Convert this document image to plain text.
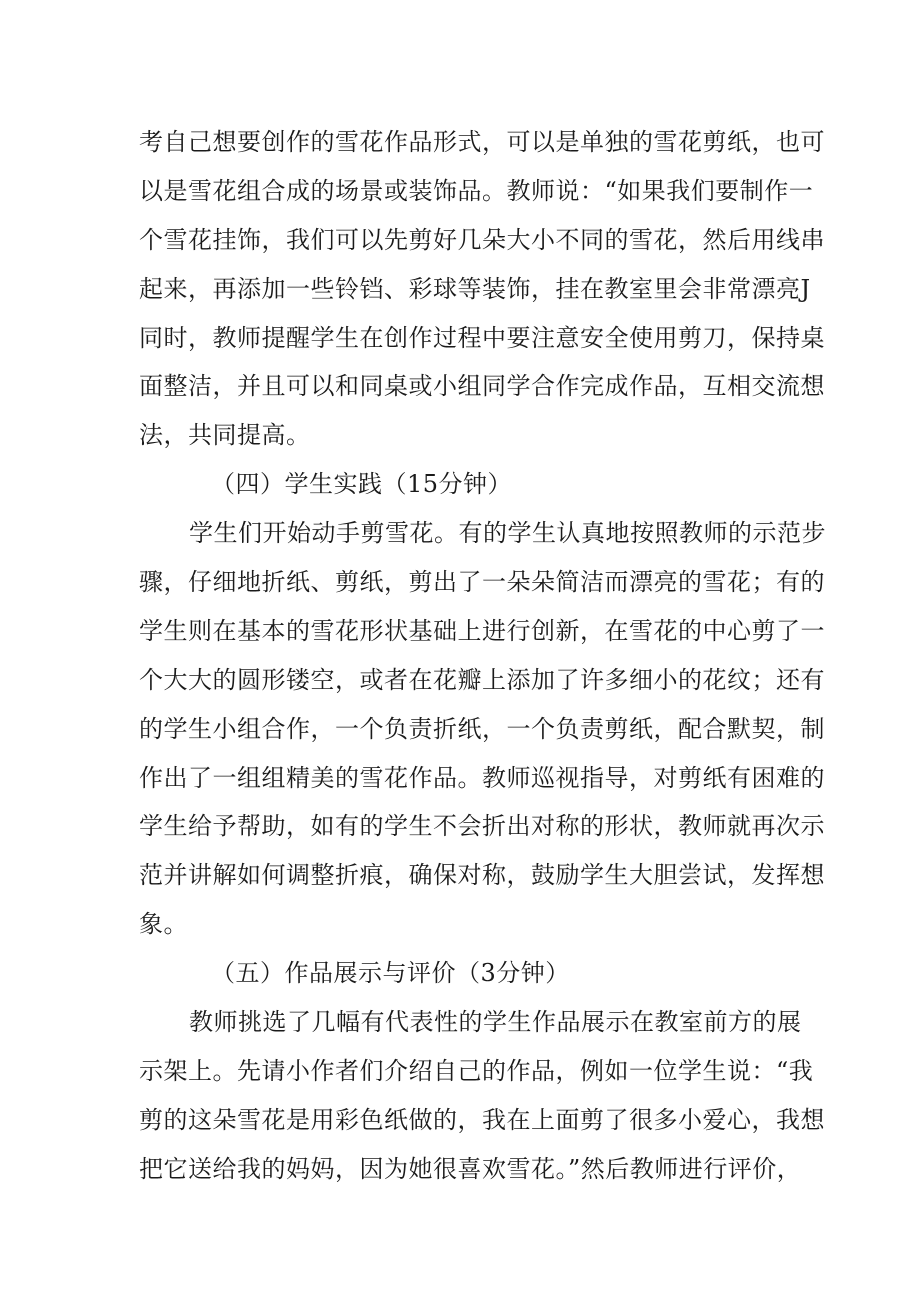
考自己想要创作的雪花作品形式，可以是单独的雪花剪纸，也可
以是雪花组合成的场景或装饰品。教师说：“如果我们要制作一
个雪花挂饰，我们可以先剪好几朵大小不同的雪花，然后用线串
起来，再添加一些铃铛、彩球等装饰，挂在教室里会非常漂亮J
同时，教师提醒学生在创作过程中要注意安全使用剪刀，保持桌
面整洁，并且可以和同桌或小组同学合作完成作品，互相交流想
法，共同提高。
（四）学生实践（15分钟）
学生们开始动手剪雪花。有的学生认真地按照教师的示范步
骤，仔细地折纸、剪纸，剪出了一朵朵简洁而漂亮的雪花；有的
学生则在基本的雪花形状基础上进行创新，在雪花的中心剪了一
个大大的圆形镂空，或者在花瓣上添加了许多细小的花纹；还有
的学生小组合作，一个负责折纸，一个负责剪纸，配合默契，制
作出了一组组精美的雪花作品。教师巡视指导，对剪纸有困难的
学生给予帮助，如有的学生不会折出对称的形状，教师就再次示
范并讲解如何调整折痕，确保对称，鼓励学生大胆尝试，发挥想
象。
（五）作品展示与评价（3分钟）
教师挑选了几幅有代表性的学生作品展示在教室前方的展
示架上。先请小作者们介绍自己的作品，例如一位学生说：“我
剪的这朵雪花是用彩色纸做的，我在上面剪了很多小爱心，我想
把它送给我的妈妈，因为她很喜欢雪花。”然后教师进行评价，
